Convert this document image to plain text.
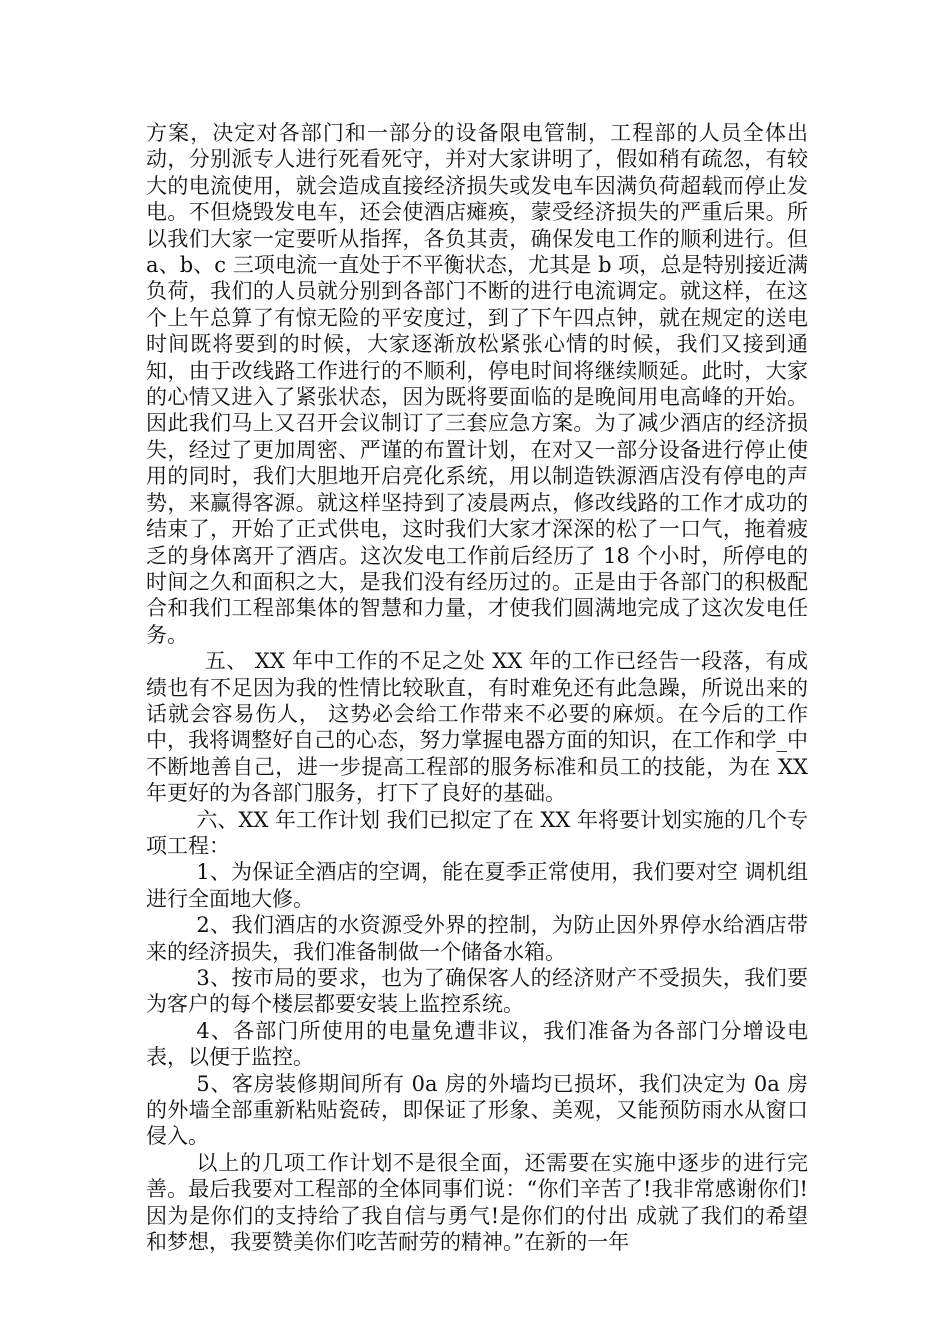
方案，决定对各部门和一部分的设备限电管制，工程部的人员全体出动，分别派专人进行死看死守，并对大家讲明了，假如稍有疏忽，有较大的电流使用，就会造成直接经济损失或发电车因满负荷超载而停止发电。不但烧毁发电车，还会使酒店瘫痪，蒙受经济损失的严重后果。所以我们大家一定要听从指挥，各负其责，确保发电工作的顺利进行。但 a、b、c 三项电流一直处于不平衡状态，尤其是 b 项，总是特别接近满负荷，我们的人员就分别到各部门不断的进行电流调定。就这样，在这个上午总算了有惊无险的平安度过，到了下午四点钟，就在规定的送电时间既将要到的时候，大家逐渐放松紧张心情的时候，我们又接到通知，由于改线路工作进行的不顺利，停电时间将继续顺延。此时，大家的心情又进入了紧张状态，因为既将要面临的是晚间用电高峰的开始。因此我们马上又召开会议制订了三套应急方案。为了减少酒店的经济损失，经过了更加周密、严谨的布置计划，在对又一部分设备进行停止使用的同时，我们大胆地开启亮化系统，用以制造铁源酒店没有停电的声势，来赢得客源。就这样坚持到了凌晨两点，修改线路的工作才成功的结束了，开始了正式供电，这时我们大家才深深的松了一口气，拖着疲乏的身体离开了酒店。这次发电工作前后经历了 18 个小时，所停电的时间之久和面积之大，是我们没有经历过的。正是由于各部门的积极配合和我们工程部集体的智慧和力量，才使我们圆满地完成了这次发电任务。

五、 XX 年中工作的不足之处 XX 年的工作已经告一段落，有成绩也有不足因为我的性情比较耿直，有时难免还有此急躁，所说出来的话就会容易伤人， 这势必会给工作带来不必要的麻烦。在今后的工作中，我将调整好自己的心态，努力掌握电器方面的知识，在工作和学_中不断地善自己，进一步提高工程部的服务标准和员工的技能，为在 XX 年更好的为各部门服务，打下了良好的基础。

六、XX 年工作计划 我们已拟定了在 XX 年将要计划实施的几个专项工程：

1、为保证全酒店的空调，能在夏季正常使用，我们要对空 调机组进行全面地大修。

2、我们酒店的水资源受外界的控制，为防止因外界停水给酒店带来的经济损失，我们准备制做一个储备水箱。

3、按市局的要求，也为了确保客人的经济财产不受损失，我们要为客户的每个楼层都要安装上监控系统。

4、各部门所使用的电量免遭非议，我们准备为各部门分增设电表，以便于监控。

5、客房装修期间所有 0a 房的外墙均已损坏，我们决定为 0a 房的外墙全部重新粘贴瓷砖，即保证了形象、美观，又能预防雨水从窗口侵入。

以上的几项工作计划不是很全面，还需要在实施中逐步的进行完善。最后我要对工程部的全体同事们说：“你们辛苦了!我非常感谢你们!因为是你们的支持给了我自信与勇气!是你们的付出 成就了我们的希望和梦想，我要赞美你们吃苦耐劳的精神。”在新的一年
